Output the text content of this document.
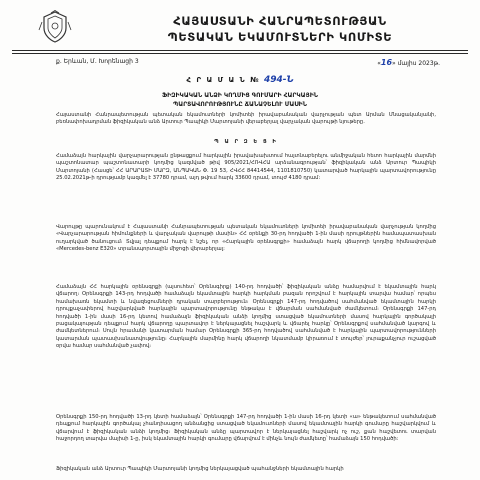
ՀԱՅԱՍՏԱՆԻ ՀԱՆՐԱՊԵՏՈՒԹՅԱՆ
ՊԵՏԱԿԱՆ ԵԿԱՄՈՒՏՆԵՐԻ ԿՈՄԻՏԵ
ք. Երևան, Մ. Խորենացի 3	«16» մայիս 2023թ.
Հ Ր Ա Մ Ա Ն № 494-Ն
ՖԻԶԻԿԱԿԱՆ ԱՆՁԻ ԿՈՂՄԻՑ ԳՈՒՄԱՐԻ ՀԱՐԿԱՅԻՆ
ՊԱՐՏԱՎՈՐՈՒԹՅՈՒՆԸ ՃԱՆԱՉԵԼՈՒ ՄԱՍԻՆ
Հայաստանի Հանրապետության պետական եկամուտների կոմիտեի իրավաբանական վարչության պետ Արման Մնացականյանի, բեռնափոխադրման ֆիզիկական անձ Արտուր Պապիկի Մարտոյանի վերաբերյալ վարչական վարույթի նյութերը.
Պ Ա Ր Զ Ե Ց Ի
Համաձայն հարկային վարչարարության ընթացքում հարկային իրավախախտում հայտնաբերելու անմիջական հետո հարկային մարմնի պաշտոնատար պաշտոնատարի կողմից կազմված թիվ 905/2021/ՀՌՎՀԱ արձանագրության՝ ֆիզիկական անձ Արտուր Պապիկի Մարտոյանի (Հասցե՝ ՀՀ ԱՐԱՐԱՏԻ ՄԱՐԶ, ԱՆՊԱԿԱՆ Փ. 19 53, ՀՎՀՀ 84414544, 1101810750) կատարված հարկային պարտավորությունը 25.02.2021թ-ի դրությամբ կազմել է 37780 դրամ, այդ թվում հարկ 33600 դրամ, տույժ 4180 դրամ:
Վարույթը պարունակում է Հայաստանի Հանրապետության պետական եկամուտների կոմիտեի իրավաբանական վարչության կողմից «Վարչարարության հիմունքների և վարչական վարույթի մասին» ՀՀ օրենքի 30-րդ հոդվածի 1-ին մասի դրույթներին համապատասխան ուղարկված ծանուցում։ Տվյալ դեպքում հարկ է նշել, որ «Հարկային օրենսգրքի» համաձայն հարկ վճարողի կողմից հիմնավորված «Mercedes-benz E320» տրանսպորտային միջոցի վերաբերյալ:
Համաձայն ՀՀ հարկային օրենսգրքի (այսուհետ՝ Օրենսգիրք) 140-րդ հոդվածի՝ ֆիզիկական անձը համարվում է եկամտային հարկ վճարող։ Օրենսգրքի 143-րդ հոդվածի համաձայն եկամտային հարկի հարկման բազան որոշվում է հարկային տարվա համար՝ որպես համախառն եկամտի և նվազեցումների դրական տարբերություն։ Օրենսգրքի 147-րդ հոդվածով սահմանված եկամտային հարկի դրույքաչափերով հաշվարկված հարկային պարտավորությունը ենթակա է վճարման սահմանված ժամկետում։ Օրենսգրքի 147-րդ հոդվածի 1-ին մասի 16-րդ կետով համաձայն ֆիզիկական անձի կողմից ստացված եկամուտների մասով հարկային գործակալի բացակայության դեպքում հարկ վճարողը պարտավոր է ներկայացնել հաշվարկ և վճարել հարկը՝ Օրենսգրքով սահմանված կարգով և ժամկետներում։ Սույն հրամանի կատարման համար Օրենսգրքի 365-րդ հոդվածով սահմանված է հարկային պարտավորությունների կատարման պատասխանատվությունը։ Հարկային մարմինը հարկ վճարողի նկատմամբ կիրառում է տույժեր՝ յուրաքանչյուր ուշացված օրվա համար սահմանված չափով։
Օրենսգրքի 150-րդ հոդվածի 13-րդ կետի համաձայն՝ Օրենսգրքի 147-րդ հոդվածի 1-ին մասի 16-րդ կետի «ա» ենթակետում սահմանված դեպքում հարկային գործակալ չհանդիսացող անձանցից ստացված եկամուտների մասով եկամտային հարկի գումարը հաշվարկվում և վճարվում է ֆիզիկական անձի կողմից։ Ֆիզիկական անձը պարտավոր է ներկայացնել հաշվարկ ոչ ուշ, քան հաշվետու տարվան հաջորդող տարվա մայիսի 1-ը, իսկ եկամտային հարկի գումարը վճարվում է մինչև նույն ժամկետը՝ համաձայն 150 հոդվածի:
Ֆիզիկական անձ Արտուր Պապիկի Մարտոյանի կողմից ներկայացված պահանջների եկամտային հարկի
